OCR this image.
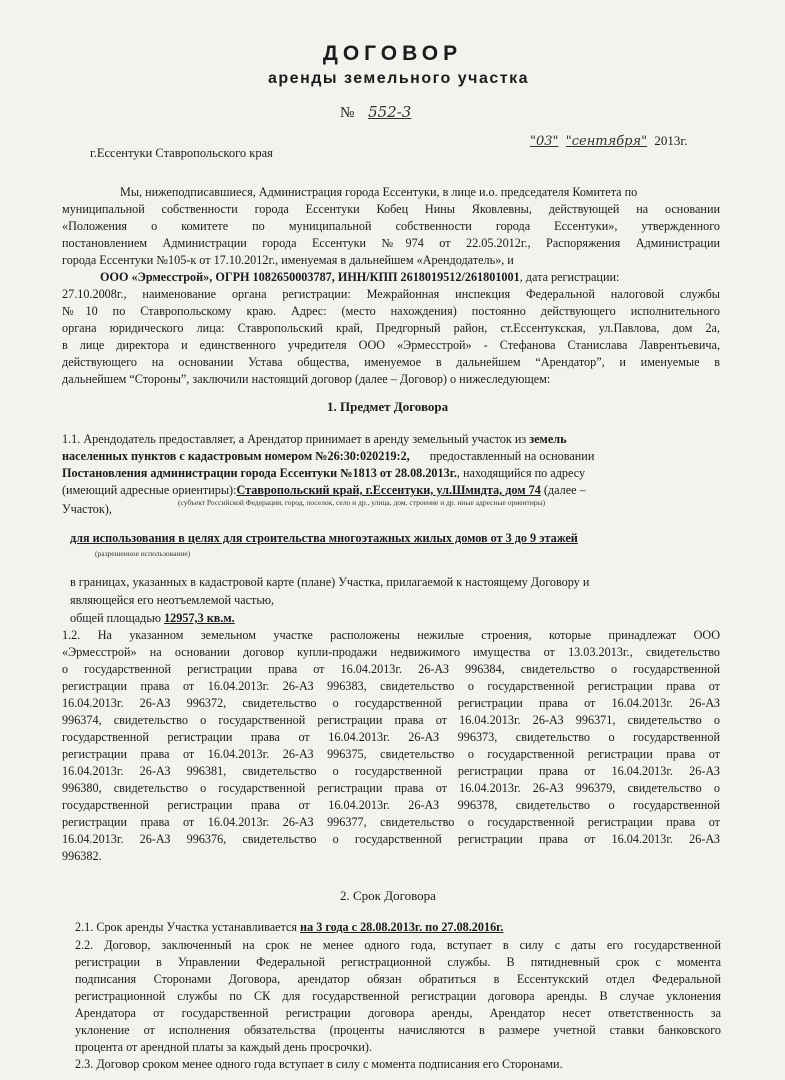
ДОГОВОР
аренды земельного участка
№ 552-3
г.Ессентуки Ставропольского края
"03" "сентября" 2013г.
Мы, нижеподписавшиеся, Администрация города Ессентуки, в лице и.о. председателя Комитета по
муниципальной собственности города Ессентуки Кобец Нины Яковлевны, действующей на основании
«Положения о комитете по муниципальной собственности города Ессентуки», утвержденного
постановлением Администрации города Ессентуки №974 от 22.05.2012г., Распоряжения Администрации
города Ессентуки №105-к от 17.10.2012г., именуемая в дальнейшем «Арендодатель», и
ООО «Эрмесстрой», ОГРН 1082650003787, ИНН/КПП 2618019512/261801001, дата регистрации:
27.10.2008г., наименование органа регистрации: Межрайонная инспекция Федеральной налоговой службы
№10 по Ставропольскому краю. Адрес: (место нахождения) постоянно действующего исполнительного
органа юридического лица: Ставропольский край, Предгорный район, ст.Ессентукская, ул.Павлова, дом 2а,
в лице директора и единственного учредителя ООО «Эрмесстрой» - Стефанова Станислава Лаврентьевича,
действующего на основании Устава общества, именуемое в дальнейшем “Арендатор”, и именуемые в
дальнейшем “Стороны”, заключили настоящий договор (далее – Договор) о нижеследующем:
1. Предмет Договора
1.1. Арендодатель предоставляет, а Арендатор принимает в аренду земельный участок из земель
населенных пунктов с кадастровым номером №26:30:020219:2, предоставленный на основании
Постановления администрации города Ессентуки №1813 от 28.08.2013г., находящийся по адресу
(имеющий адресные ориентиры):Ставропольский край, г.Ессентуки, ул.Шмидта, дом 74 (далее –
(субъект Российской Федерации, город, поселок, село и др., улица, дом, строение и др. иные адресные ориентиры)
Участок),
для использования в целях для строительства многоэтажных жилых домов от 3 до 9 этажей
(разрешенное использование)
в границах, указанных в кадастровой карте (плане) Участка, прилагаемой к настоящему Договору и
являющейся его неотъемлемой частью,
общей площадью 12957,3 кв.м.
1.2. На указанном земельном участке расположены нежилые строения, которые принадлежат ООО
«Эрмесстрой» на основании договор купли-продажи недвижимого имущества от 13.03.2013г., свидетельство
о государственной регистрации права от 16.04.2013г. 26-АЗ 996384, свидетельство о государственной
регистрации права от 16.04.2013г. 26-АЗ 996383, свидетельство о государственной регистрации права от
16.04.2013г. 26-АЗ 996372, свидетельство о государственной регистрации права от 16.04.2013г. 26-АЗ
996374, свидетельство о государственной регистрации права от 16.04.2013г. 26-АЗ 996371, свидетельство о
государственной регистрации права от 16.04.2013г. 26-АЗ 996373, свидетельство о государственной
регистрации права от 16.04.2013г. 26-АЗ 996375, свидетельство о государственной регистрации права от
16.04.2013г. 26-АЗ 996381, свидетельство о государственной регистрации права от 16.04.2013г. 26-АЗ
996380, свидетельство о государственной регистрации права от 16.04.2013г. 26-АЗ 996379, свидетельство о
государственной регистрации права от 16.04.2013г. 26-АЗ 996378, свидетельство о государственной
регистрации права от 16.04.2013г. 26-АЗ 996377, свидетельство о государственной регистрации права от
16.04.2013г. 26-АЗ 996376, свидетельство о государственной регистрации права от 16.04.2013г. 26-АЗ
996382.
2. Срок Договора
2.1. Срок аренды Участка устанавливается на 3 года с 28.08.2013г. по 27.08.2016г.
2.2. Договор, заключенный на срок не менее одного года, вступает в силу с даты его государственной
регистрации в Управлении Федеральной регистрационной службы. В пятидневный срок с момента
подписания Сторонами Договора, арендатор обязан обратиться в Ессентукский отдел Федеральной
регистрационной службы по СК для государственной регистрации договора аренды. В случае уклонения
Арендатора от государственной регистрации договора аренды, Арендатор несет ответственность за
уклонение от исполнения обязательства (проценты начисляются в размере учетной ставки банковского
процента от арендной платы за каждый день просрочки).
2.3. Договор сроком менее одного года вступает в силу с момента подписания его Сторонами.
